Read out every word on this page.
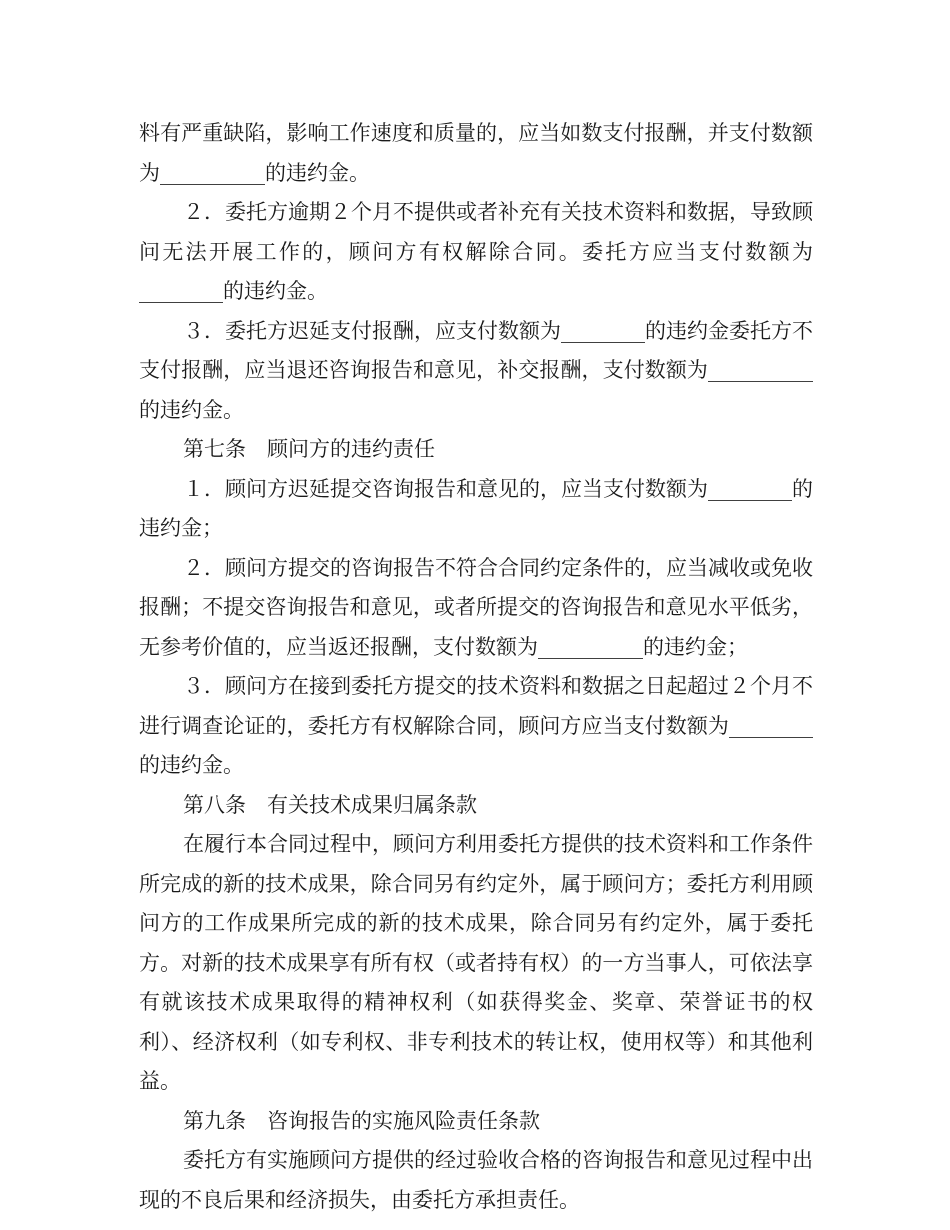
料有严重缺陷，影响工作速度和质量的，应当如数支付报酬，并支付数额为__________的违约金。

２．委托方逾期２个月不提供或者补充有关技术资料和数据，导致顾问无法开展工作的，顾问方有权解除合同。委托方应当支付数额为________的违约金。

３．委托方迟延支付报酬，应支付数额为________的违约金委托方不支付报酬，应当退还咨询报告和意见，补交报酬，支付数额为__________的违约金。

第七条　顾问方的违约责任

１．顾问方迟延提交咨询报告和意见的，应当支付数额为________的违约金；

２．顾问方提交的咨询报告不符合合同约定条件的，应当减收或免收报酬；不提交咨询报告和意见，或者所提交的咨询报告和意见水平低劣，无参考价值的，应当返还报酬，支付数额为__________的违约金；

３．顾问方在接到委托方提交的技术资料和数据之日起超过２个月不进行调查论证的，委托方有权解除合同，顾问方应当支付数额为________的违约金。

第八条　有关技术成果归属条款

在履行本合同过程中，顾问方利用委托方提供的技术资料和工作条件所完成的新的技术成果，除合同另有约定外，属于顾问方；委托方利用顾问方的工作成果所完成的新的技术成果，除合同另有约定外，属于委托方。对新的技术成果享有所有权（或者持有权）的一方当事人，可依法享有就该技术成果取得的精神权利（如获得奖金、奖章、荣誉证书的权利）、经济权利（如专利权、非专利技术的转让权，使用权等）和其他利益。

第九条　咨询报告的实施风险责任条款

委托方有实施顾问方提供的经过验收合格的咨询报告和意见过程中出现的不良后果和经济损失，由委托方承担责任。
